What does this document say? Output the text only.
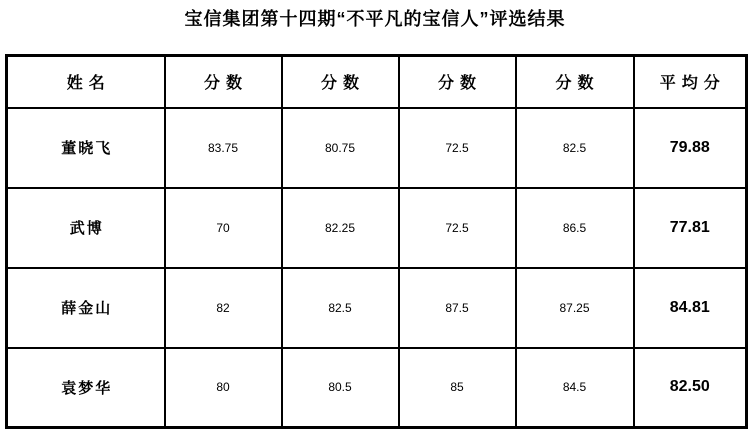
宝信集团第十四期“不平凡的宝信人”评选结果
姓名	分数	分数	分数	分数	平均分
董晓飞	83.75	80.75	72.5	82.5	79.88
武博	70	82.25	72.5	86.5	77.81
薛金山	82	82.5	87.5	87.25	84.81
袁梦华	80	80.5	85	84.5	82.50
